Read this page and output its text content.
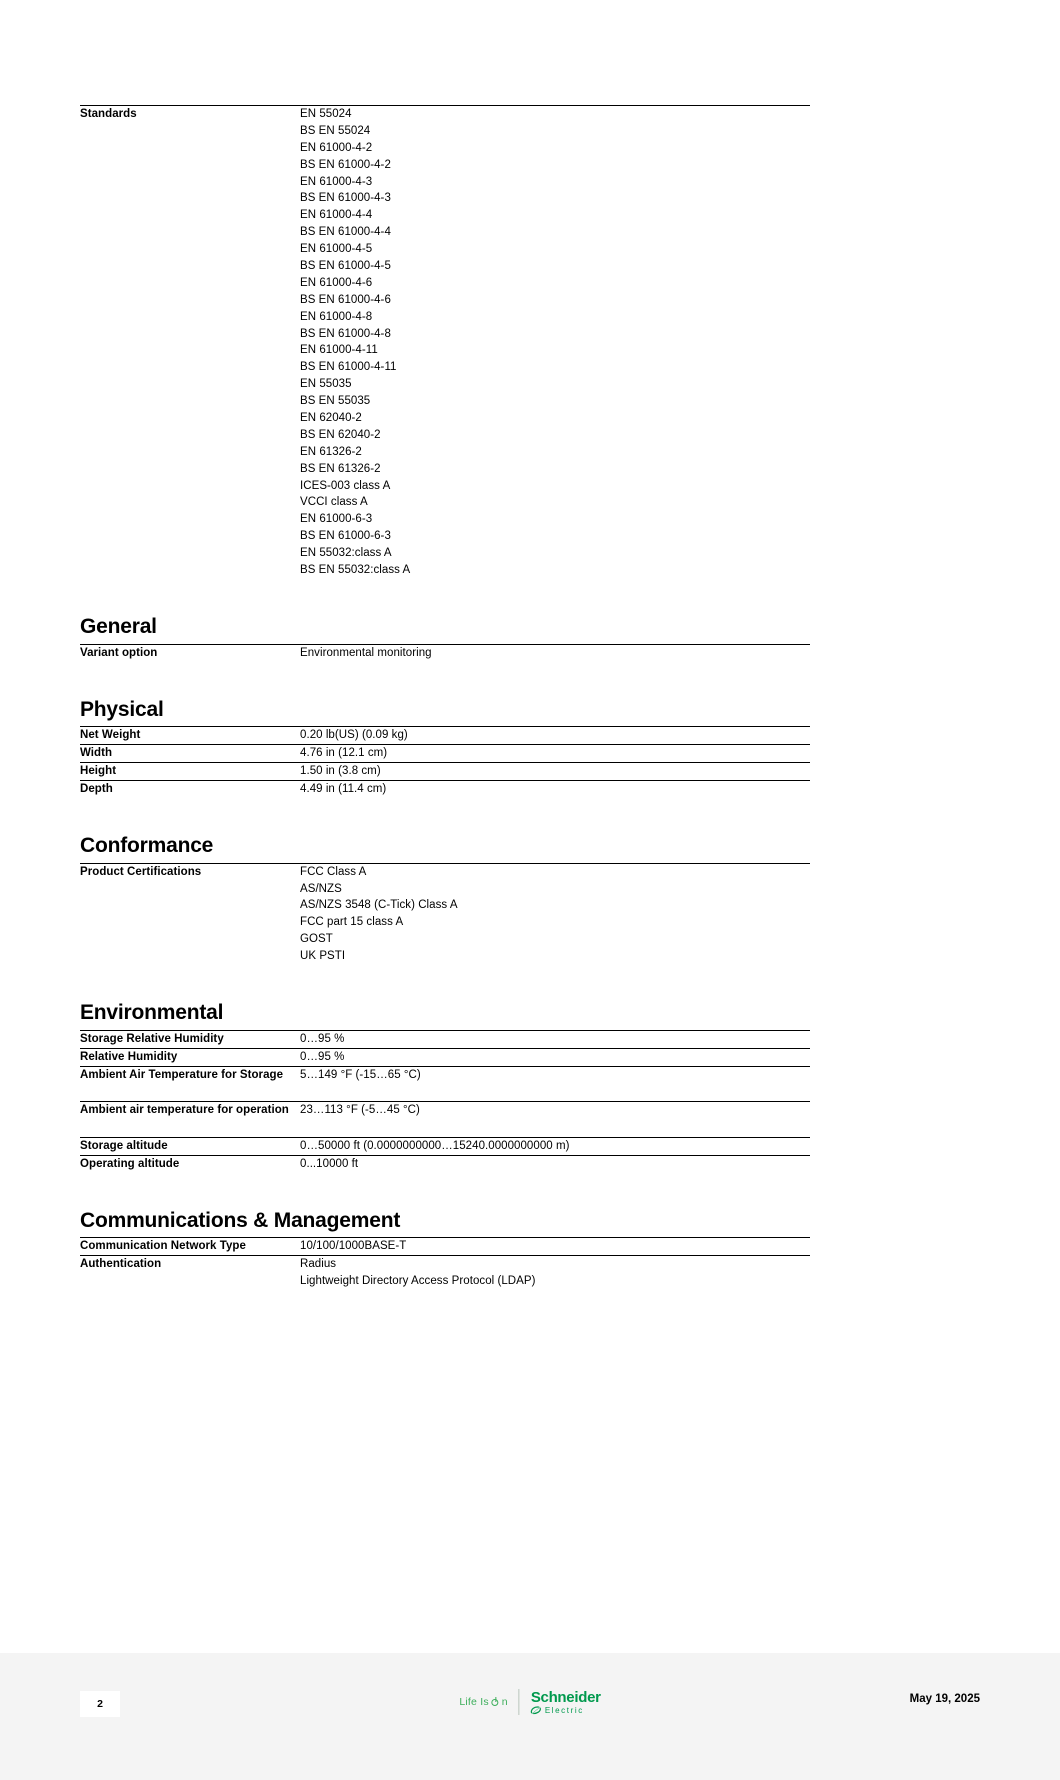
Standards	EN 55024
BS EN 55024
EN 61000-4-2
BS EN 61000-4-2
EN 61000-4-3
BS EN 61000-4-3
EN 61000-4-4
BS EN 61000-4-4
EN 61000-4-5
BS EN 61000-4-5
EN 61000-4-6
BS EN 61000-4-6
EN 61000-4-8
BS EN 61000-4-8
EN 61000-4-11
BS EN 61000-4-11
EN 55035
BS EN 55035
EN 62040-2
BS EN 62040-2
EN 61326-2
BS EN 61326-2
ICES-003 class A
VCCI class A
EN 61000-6-3
BS EN 61000-6-3
EN 55032:class A
BS EN 55032:class A
General
Variant option	Environmental monitoring
Physical
Net Weight	0.20 lb(US) (0.09 kg)

Width	4.76 in (12.1 cm)

Height	1.50 in (3.8 cm)

Depth	4.49 in (11.4 cm)
Conformance
Product Certifications	FCC Class A
AS/NZS
AS/NZS 3548 (C-Tick) Class A
FCC part 15 class A
GOST
UK PSTI
Environmental
Storage Relative Humidity	0…95 %

Relative Humidity	0…95 %

Ambient Air Temperature for Storage	5…149 °F (-15…65 °C)

Ambient air temperature for operation	23…113 °F (-5…45 °C)

Storage altitude	0…50000 ft (0.0000000000…15240.0000000000 m)

Operating altitude	0...10000 ft
Communications & Management
Communication Network Type	10/100/1000BASE-T

Authentication	Radius
Lightweight Directory Access Protocol (LDAP)
2	Life Is n Schneider
Electric
May 19, 2025
